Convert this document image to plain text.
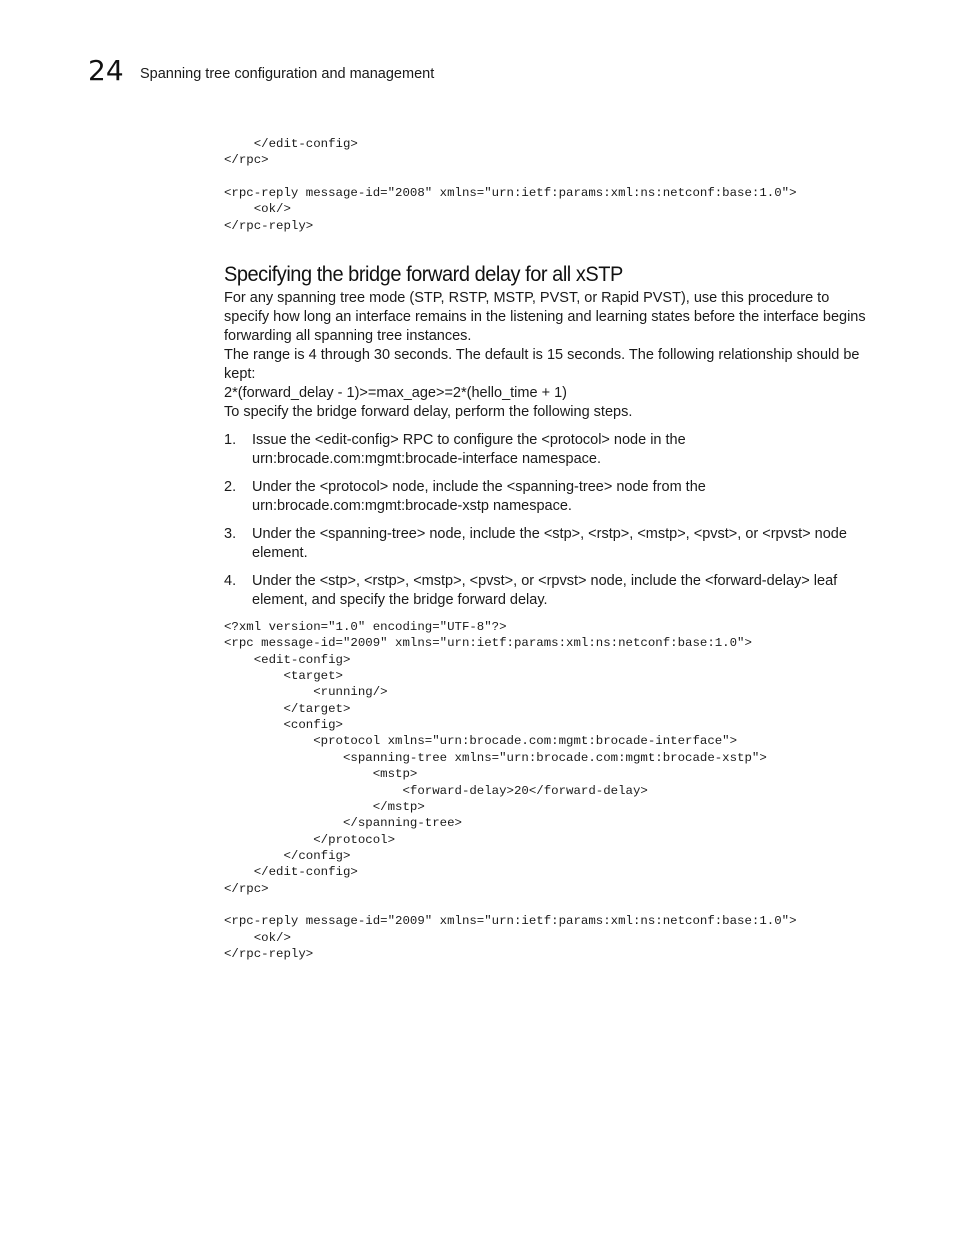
24 Spanning tree configuration and management
</edit-config>
</rpc>

<rpc-reply message-id="2008" xmlns="urn:ietf:params:xml:ns:netconf:base:1.0">
<ok/>
</rpc-reply>
Specifying the bridge forward delay for all xSTP

For any spanning tree mode (STP, RSTP, MSTP, PVST, or Rapid PVST), use this procedure to specify how long an interface remains in the listening and learning states before the interface begins forwarding all spanning tree instances.

The range is 4 through 30 seconds. The default is 15 seconds. The following relationship should be kept:

2*(forward_delay - 1)>=max_age>=2*(hello_time + 1)

To specify the bridge forward delay, perform the following steps.

1. Issue the <edit-config> RPC to configure the <protocol> node in the urn:brocade.com:mgmt:brocade-interface namespace.
2. Under the <protocol> node, include the <spanning-tree> node from the urn:brocade.com:mgmt:brocade-xstp namespace.
3. Under the <spanning-tree> node, include the <stp>, <rstp>, <mstp>, <pvst>, or <rpvst> node element.
4. Under the <stp>, <rstp>, <mstp>, <pvst>, or <rpvst> node, include the <forward-delay> leaf element, and specify the bridge forward delay.
<?xml version="1.0" encoding="UTF-8"?>
<rpc message-id="2009" xmlns="urn:ietf:params:xml:ns:netconf:base:1.0">
<edit-config>
<target>
<running/>
</target>
<config>
<protocol xmlns="urn:brocade.com:mgmt:brocade-interface">
<spanning-tree xmlns="urn:brocade.com:mgmt:brocade-xstp">
<mstp>
<forward-delay>20</forward-delay>
</mstp>
</spanning-tree>
</protocol>
</config>
</edit-config>
</rpc>

<rpc-reply message-id="2009" xmlns="urn:ietf:params:xml:ns:netconf:base:1.0">
<ok/>
</rpc-reply>
